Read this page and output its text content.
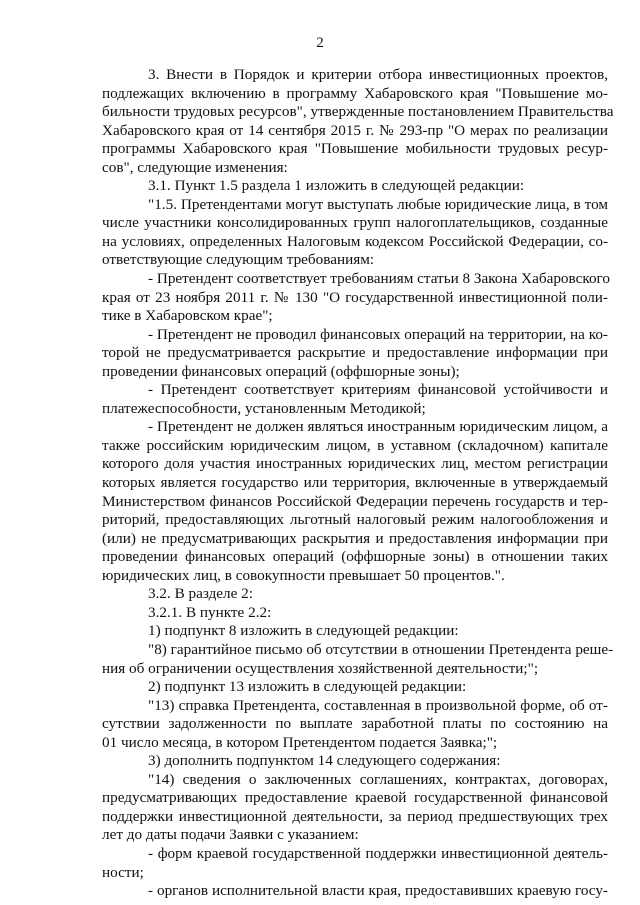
2
3. Внести в Порядок и критерии отбора инвестиционных проектов,
подлежащих включению в программу Хабаровского края "Повышение мо-
бильности трудовых ресурсов", утвержденные постановлением Правительства
Хабаровского края от 14 сентября 2015 г. № 293-пр "О мерах по реализации
программы Хабаровского края "Повышение мобильности трудовых ресур-
сов", следующие изменения:
3.1. Пункт 1.5 раздела 1 изложить в следующей редакции:
"1.5. Претендентами могут выступать любые юридические лица, в том
числе участники консолидированных групп налогоплательщиков, созданные
на условиях, определенных Налоговым кодексом Российской Федерации, со-
ответствующие следующим требованиям:
- Претендент соответствует требованиям статьи 8 Закона Хабаровского
края от 23 ноября 2011 г. № 130 "О государственной инвестиционной поли-
тике в Хабаровском крае";
- Претендент не проводил финансовых операций на территории, на ко-
торой не предусматривается раскрытие и предоставление информации при
проведении финансовых операций (оффшорные зоны);
- Претендент соответствует критериям финансовой устойчивости и
платежеспособности, установленным Методикой;
- Претендент не должен являться иностранным юридическим лицом, а
также российским юридическим лицом, в уставном (складочном) капитале
которого доля участия иностранных юридических лиц, местом регистрации
которых является государство или территория, включенные в утверждаемый
Министерством финансов Российской Федерации перечень государств и тер-
риторий, предоставляющих льготный налоговый режим налогообложения и
(или) не предусматривающих раскрытия и предоставления информации при
проведении финансовых операций (оффшорные зоны) в отношении таких
юридических лиц, в совокупности превышает 50 процентов.".
3.2. В разделе 2:
3.2.1. В пункте 2.2:
1) подпункт 8 изложить в следующей редакции:
"8) гарантийное письмо об отсутствии в отношении Претендента реше-
ния об ограничении осуществления хозяйственной деятельности;";
2) подпункт 13 изложить в следующей редакции:
"13) справка Претендента, составленная в произвольной форме, об от-
сутствии задолженности по выплате заработной платы по состоянию на
01 число месяца, в котором Претендентом подается Заявка;";
3) дополнить подпунктом 14 следующего содержания:
"14) сведения о заключенных соглашениях, контрактах, договорах,
предусматривающих предоставление краевой государственной финансовой
поддержки инвестиционной деятельности, за период предшествующих трех
лет до даты подачи Заявки с указанием:
- форм краевой государственной поддержки инвестиционной деятель-
ности;
- органов исполнительной власти края, предоставивших краевую госу-
